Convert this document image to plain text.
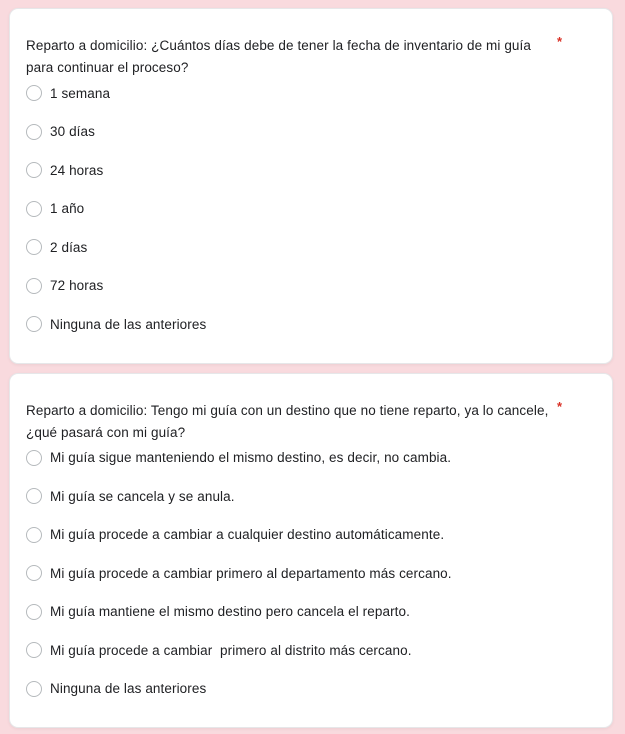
Reparto a domicilio: ¿Cuántos días debe de tener la fecha de inventario de mi guía para continuar el proceso?
*
1 semana
30 días
24 horas
1 año
2 días
72 horas
Ninguna de las anteriores
Reparto a domicilio: Tengo mi guía con un destino que no tiene reparto, ya lo cancele, ¿qué pasará con mi guía?
*
Mi guía sigue manteniendo el mismo destino, es decir, no cambia.
Mi guía se cancela y se anula.
Mi guía procede a cambiar a cualquier destino automáticamente.
Mi guía procede a cambiar primero al departamento más cercano.
Mi guía mantiene el mismo destino pero cancela el reparto.
Mi guía procede a cambiar  primero al distrito más cercano.
Ninguna de las anteriores
